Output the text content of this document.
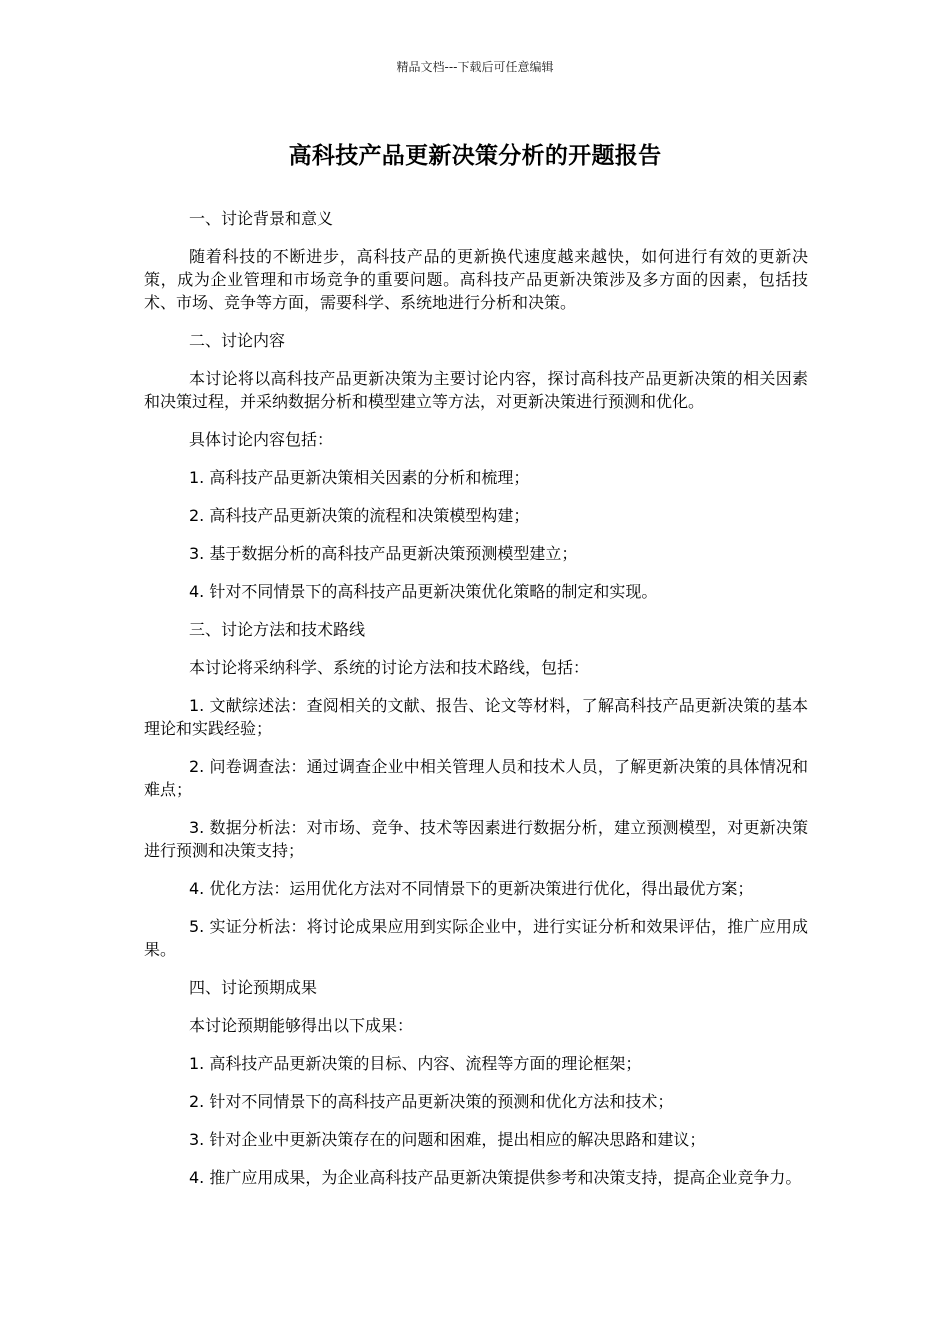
精品文档---下载后可任意编辑
高科技产品更新决策分析的开题报告

一、讨论背景和意义

随着科技的不断进步，高科技产品的更新换代速度越来越快，如何进行有效的更新决策，成为企业管理和市场竞争的重要问题。高科技产品更新决策涉及多方面的因素，包括技术、市场、竞争等方面，需要科学、系统地进行分析和决策。

二、讨论内容

本讨论将以高科技产品更新决策为主要讨论内容，探讨高科技产品更新决策的相关因素和决策过程，并采纳数据分析和模型建立等方法，对更新决策进行预测和优化。

具体讨论内容包括：

1. 高科技产品更新决策相关因素的分析和梳理；

2. 高科技产品更新决策的流程和决策模型构建；

3. 基于数据分析的高科技产品更新决策预测模型建立；

4. 针对不同情景下的高科技产品更新决策优化策略的制定和实现。

三、讨论方法和技术路线

本讨论将采纳科学、系统的讨论方法和技术路线，包括：

1. 文献综述法：查阅相关的文献、报告、论文等材料，了解高科技产品更新决策的基本理论和实践经验；

2. 问卷调查法：通过调查企业中相关管理人员和技术人员，了解更新决策的具体情况和难点；

3. 数据分析法：对市场、竞争、技术等因素进行数据分析，建立预测模型，对更新决策进行预测和决策支持；

4. 优化方法：运用优化方法对不同情景下的更新决策进行优化，得出最优方案；

5. 实证分析法：将讨论成果应用到实际企业中，进行实证分析和效果评估，推广应用成果。

四、讨论预期成果

本讨论预期能够得出以下成果：

1. 高科技产品更新决策的目标、内容、流程等方面的理论框架；

2. 针对不同情景下的高科技产品更新决策的预测和优化方法和技术；

3. 针对企业中更新决策存在的问题和困难，提出相应的解决思路和建议；

4. 推广应用成果，为企业高科技产品更新决策提供参考和决策支持，提高企业竞争力。
